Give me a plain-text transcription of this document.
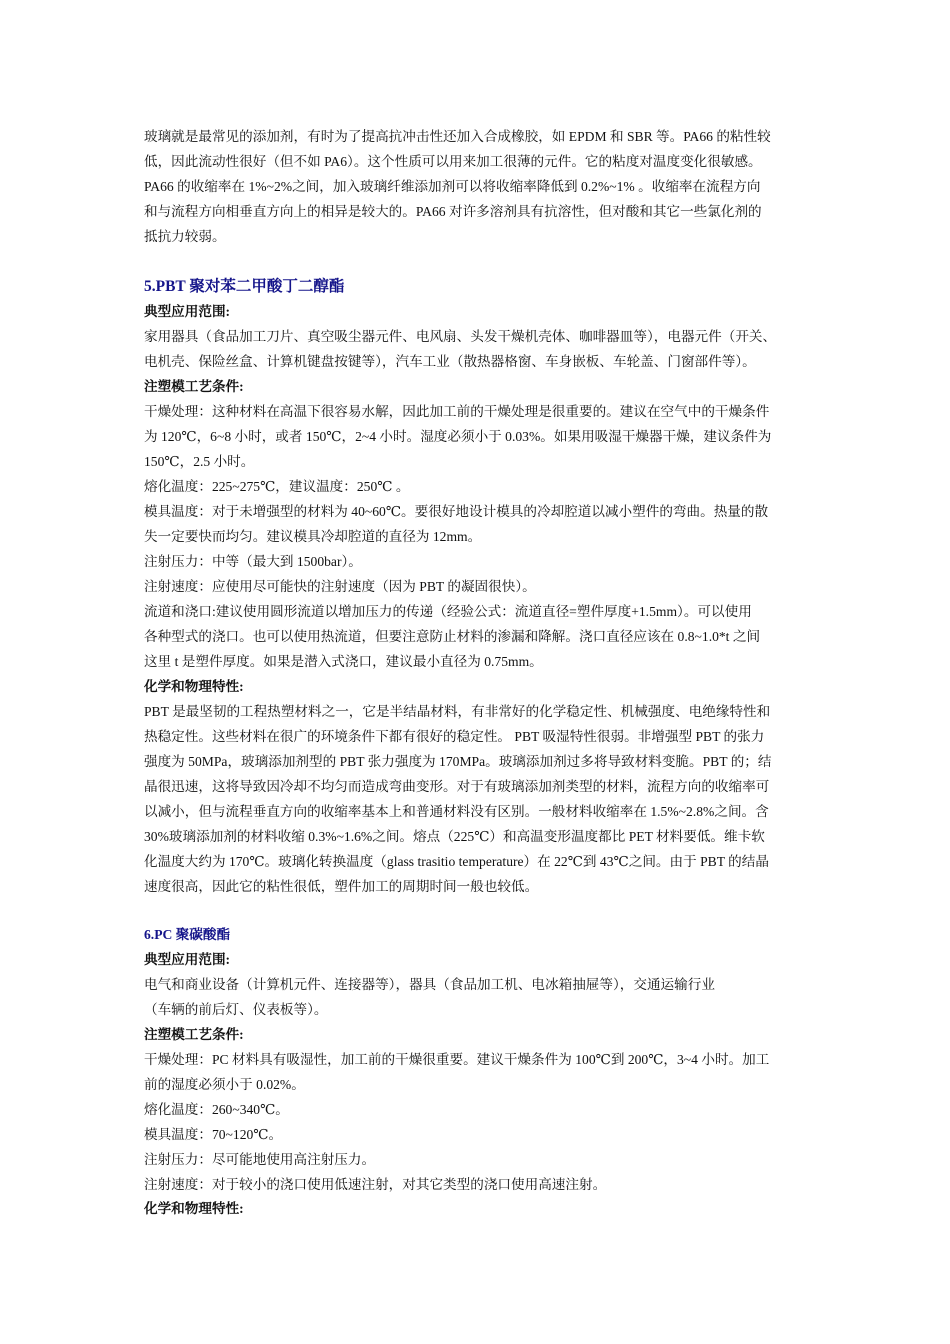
玻璃就是最常见的添加剂，有时为了提高抗冲击性还加入合成橡胶，如 EPDM 和 SBR 等。PA66 的粘性较
低，因此流动性很好（但不如 PA6）。这个性质可以用来加工很薄的元件。它的粘度对温度变化很敏感。
PA66 的收缩率在 1%~2%之间，加入玻璃纤维添加剂可以将收缩率降低到 0.2%~1% 。收缩率在流程方向
和与流程方向相垂直方向上的相异是较大的。PA66 对许多溶剂具有抗溶性，但对酸和其它一些氯化剂的
抵抗力较弱。
5.PBT 聚对苯二甲酸丁二醇酯
典型应用范围:
家用器具（食品加工刀片、真空吸尘器元件、电风扇、头发干燥机壳体、咖啡器皿等），电器元件（开关、
电机壳、保险丝盒、计算机键盘按键等），汽车工业（散热器格窗、车身嵌板、车轮盖、门窗部件等）。
注塑模工艺条件:
干燥处理：这种材料在高温下很容易水解，因此加工前的干燥处理是很重要的。建议在空气中的干燥条件
为 120℃，6~8 小时，或者 150℃，2~4 小时。湿度必须小于 0.03%。如果用吸湿干燥器干燥，建议条件为
150℃，2.5 小时。
熔化温度：225~275℃，建议温度：250℃ 。
模具温度：对于未增强型的材料为 40~60℃。要很好地设计模具的冷却腔道以减小塑件的弯曲。热量的散
失一定要快而均匀。建议模具冷却腔道的直径为 12mm。
注射压力：中等（最大到 1500bar）。
注射速度：应使用尽可能快的注射速度（因为 PBT 的凝固很快）。
流道和浇口:建议使用圆形流道以增加压力的传递（经验公式：流道直径=塑件厚度+1.5mm）。可以使用
各种型式的浇口。也可以使用热流道，但要注意防止材料的渗漏和降解。浇口直径应该在 0.8~1.0*t 之间
这里 t 是塑件厚度。如果是潜入式浇口，建议最小直径为 0.75mm。
化学和物理特性:
PBT 是最坚韧的工程热塑材料之一，它是半结晶材料，有非常好的化学稳定性、机械强度、电绝缘特性和
热稳定性。这些材料在很广的环境条件下都有很好的稳定性。 PBT 吸湿特性很弱。非增强型 PBT 的张力
强度为 50MPa，玻璃添加剂型的 PBT 张力强度为 170MPa。玻璃添加剂过多将导致材料变脆。PBT 的；结
晶很迅速，这将导致因冷却不均匀而造成弯曲变形。对于有玻璃添加剂类型的材料，流程方向的收缩率可
以减小，但与流程垂直方向的收缩率基本上和普通材料没有区别。一般材料收缩率在 1.5%~2.8%之间。含
30%玻璃添加剂的材料收缩 0.3%~1.6%之间。熔点（225℃）和高温变形温度都比 PET 材料要低。维卡软
化温度大约为 170℃。玻璃化转换温度（glass trasitio temperature）在 22℃到 43℃之间。由于 PBT 的结晶
速度很高，因此它的粘性很低，塑件加工的周期时间一般也较低。
6.PC 聚碳酸酯
典型应用范围:
电气和商业设备（计算机元件、连接器等），器具（食品加工机、电冰箱抽屉等），交通运输行业
（车辆的前后灯、仪表板等）。
注塑模工艺条件:
干燥处理：PC 材料具有吸湿性，加工前的干燥很重要。建议干燥条件为 100℃到 200℃，3~4 小时。加工
前的湿度必须小于 0.02%。
熔化温度：260~340℃。
模具温度：70~120℃。
注射压力：尽可能地使用高注射压力。
注射速度：对于较小的浇口使用低速注射，对其它类型的浇口使用高速注射。
化学和物理特性:
